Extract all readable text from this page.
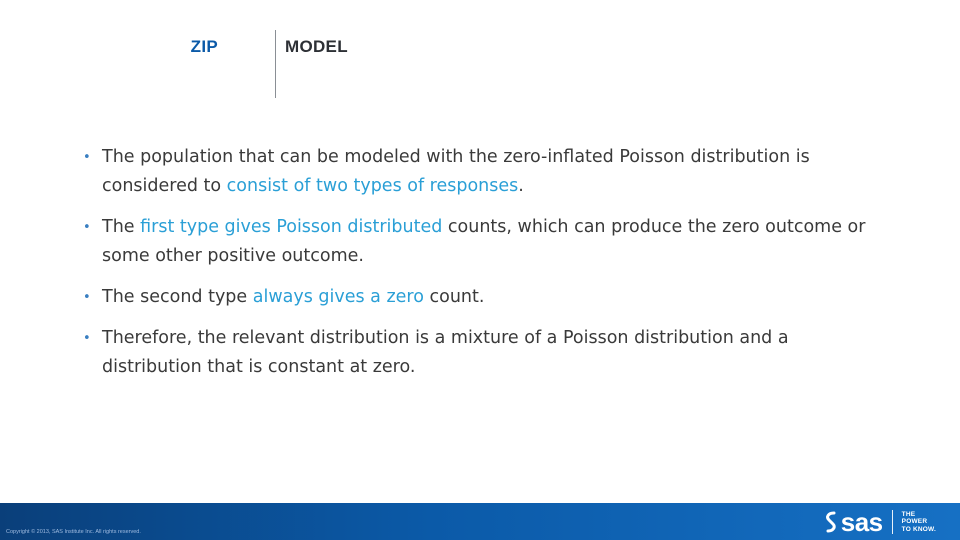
ZIP	MODEL
• The population that can be modeled with the zero-inflated Poisson distribution is considered to consist of two types of responses.
• The first type gives Poisson distributed counts, which can produce the zero outcome or some other positive outcome.
• The second type always gives a zero count.
• Therefore, the relevant distribution is a mixture of a Poisson distribution and a distribution that is constant at zero.
Copyright © 2013, SAS Institute Inc. All rights reserved.	sas	THE
POWER
TO KNOW.
